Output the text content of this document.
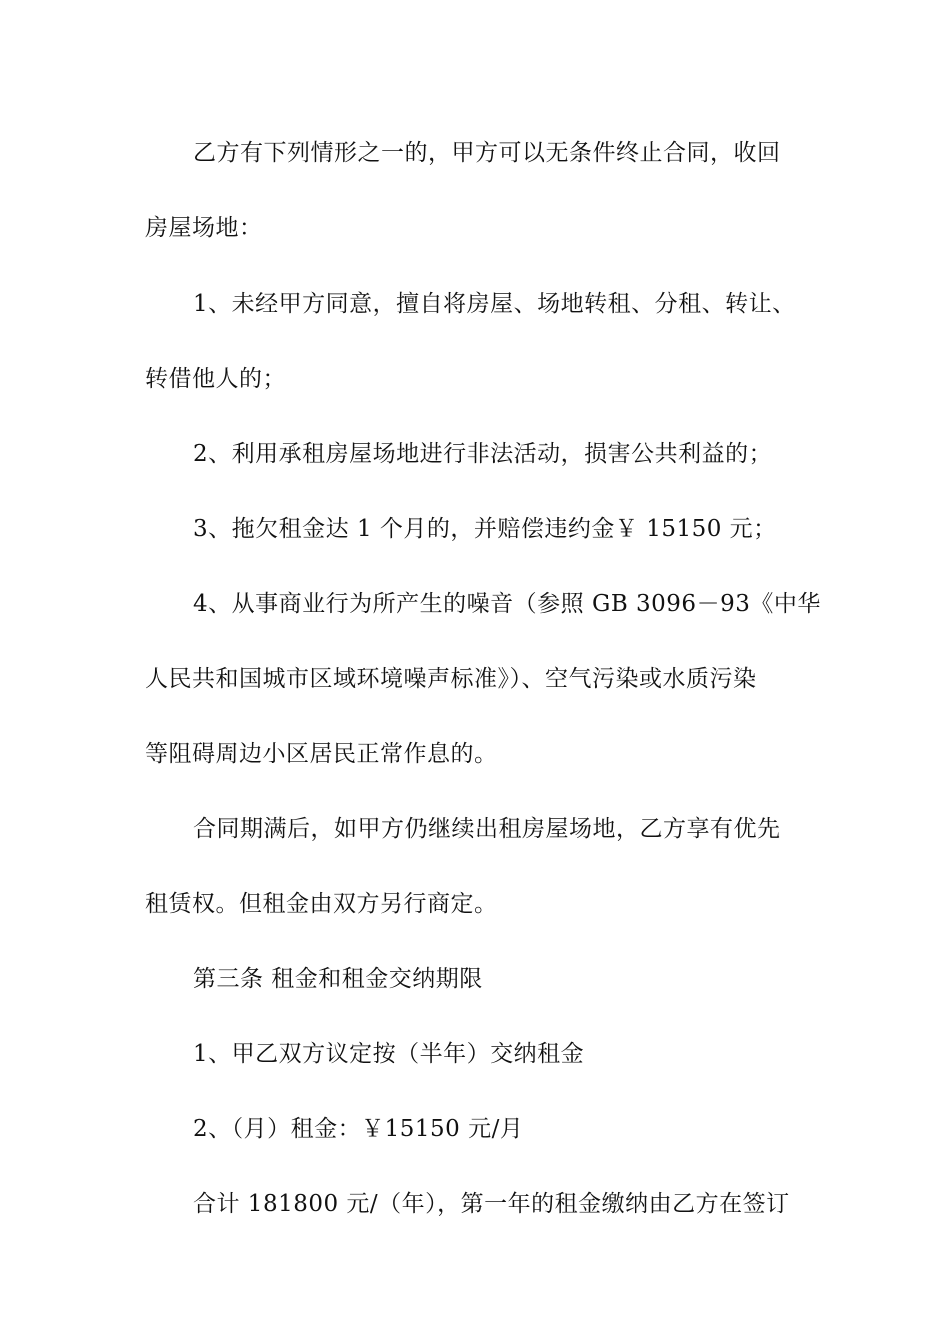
乙方有下列情形之一的，甲方可以无条件终止合同，收回
房屋场地：
1、未经甲方同意，擅自将房屋、场地转租、分租、转让、
转借他人的；
2、利用承租房屋场地进行非法活动，损害公共利益的；
3、拖欠租金达 1 个月的，并赔偿违约金￥ 15150 元；
4、从事商业行为所产生的噪音（参照 GB 3096－93《中华
人民共和国城市区域环境噪声标准》）、空气污染或水质污染
等阻碍周边小区居民正常作息的。
合同期满后，如甲方仍继续出租房屋场地，乙方享有优先
租赁权。但租金由双方另行商定。
第三条 租金和租金交纳期限
1、甲乙双方议定按（半年）交纳租金
2、（月）租金：￥15150 元/月
合计 181800 元/（年），第一年的租金缴纳由乙方在签订
